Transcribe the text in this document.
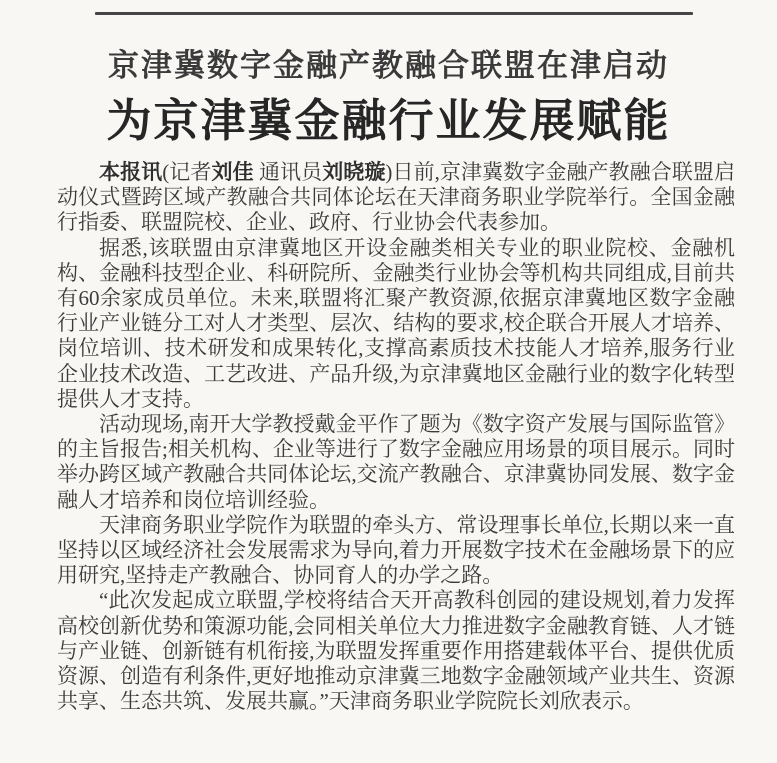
京津冀数字金融产教融合联盟在津启动
为京津冀金融行业发展赋能

本报讯(记者刘佳 通讯员刘晓璇)日前,京津冀数字金融产教融合联盟启动仪式暨跨区域产教融合共同体论坛在天津商务职业学院举行。全国金融行指委、联盟院校、企业、政府、行业协会代表参加。

据悉,该联盟由京津冀地区开设金融类相关专业的职业院校、金融机构、金融科技型企业、科研院所、金融类行业协会等机构共同组成,目前共有60余家成员单位。未来,联盟将汇聚产教资源,依据京津冀地区数字金融行业产业链分工对人才类型、层次、结构的要求,校企联合开展人才培养、岗位培训、技术研发和成果转化,支撑高素质技术技能人才培养,服务行业企业技术改造、工艺改进、产品升级,为京津冀地区金融行业的数字化转型提供人才支持。

活动现场,南开大学教授戴金平作了题为《数字资产发展与国际监管》的主旨报告;相关机构、企业等进行了数字金融应用场景的项目展示。同时举办跨区域产教融合共同体论坛,交流产教融合、京津冀协同发展、数字金融人才培养和岗位培训经验。

天津商务职业学院作为联盟的牵头方、常设理事长单位,长期以来一直坚持以区域经济社会发展需求为导向,着力开展数字技术在金融场景下的应用研究,坚持走产教融合、协同育人的办学之路。

“此次发起成立联盟,学校将结合天开高教科创园的建设规划,着力发挥高校创新优势和策源功能,会同相关单位大力推进数字金融教育链、人才链与产业链、创新链有机衔接,为联盟发挥重要作用搭建载体平台、提供优质资源、创造有利条件,更好地推动京津冀三地数字金融领域产业共生、资源共享、生态共筑、发展共赢。”天津商务职业学院院长刘欣表示。
